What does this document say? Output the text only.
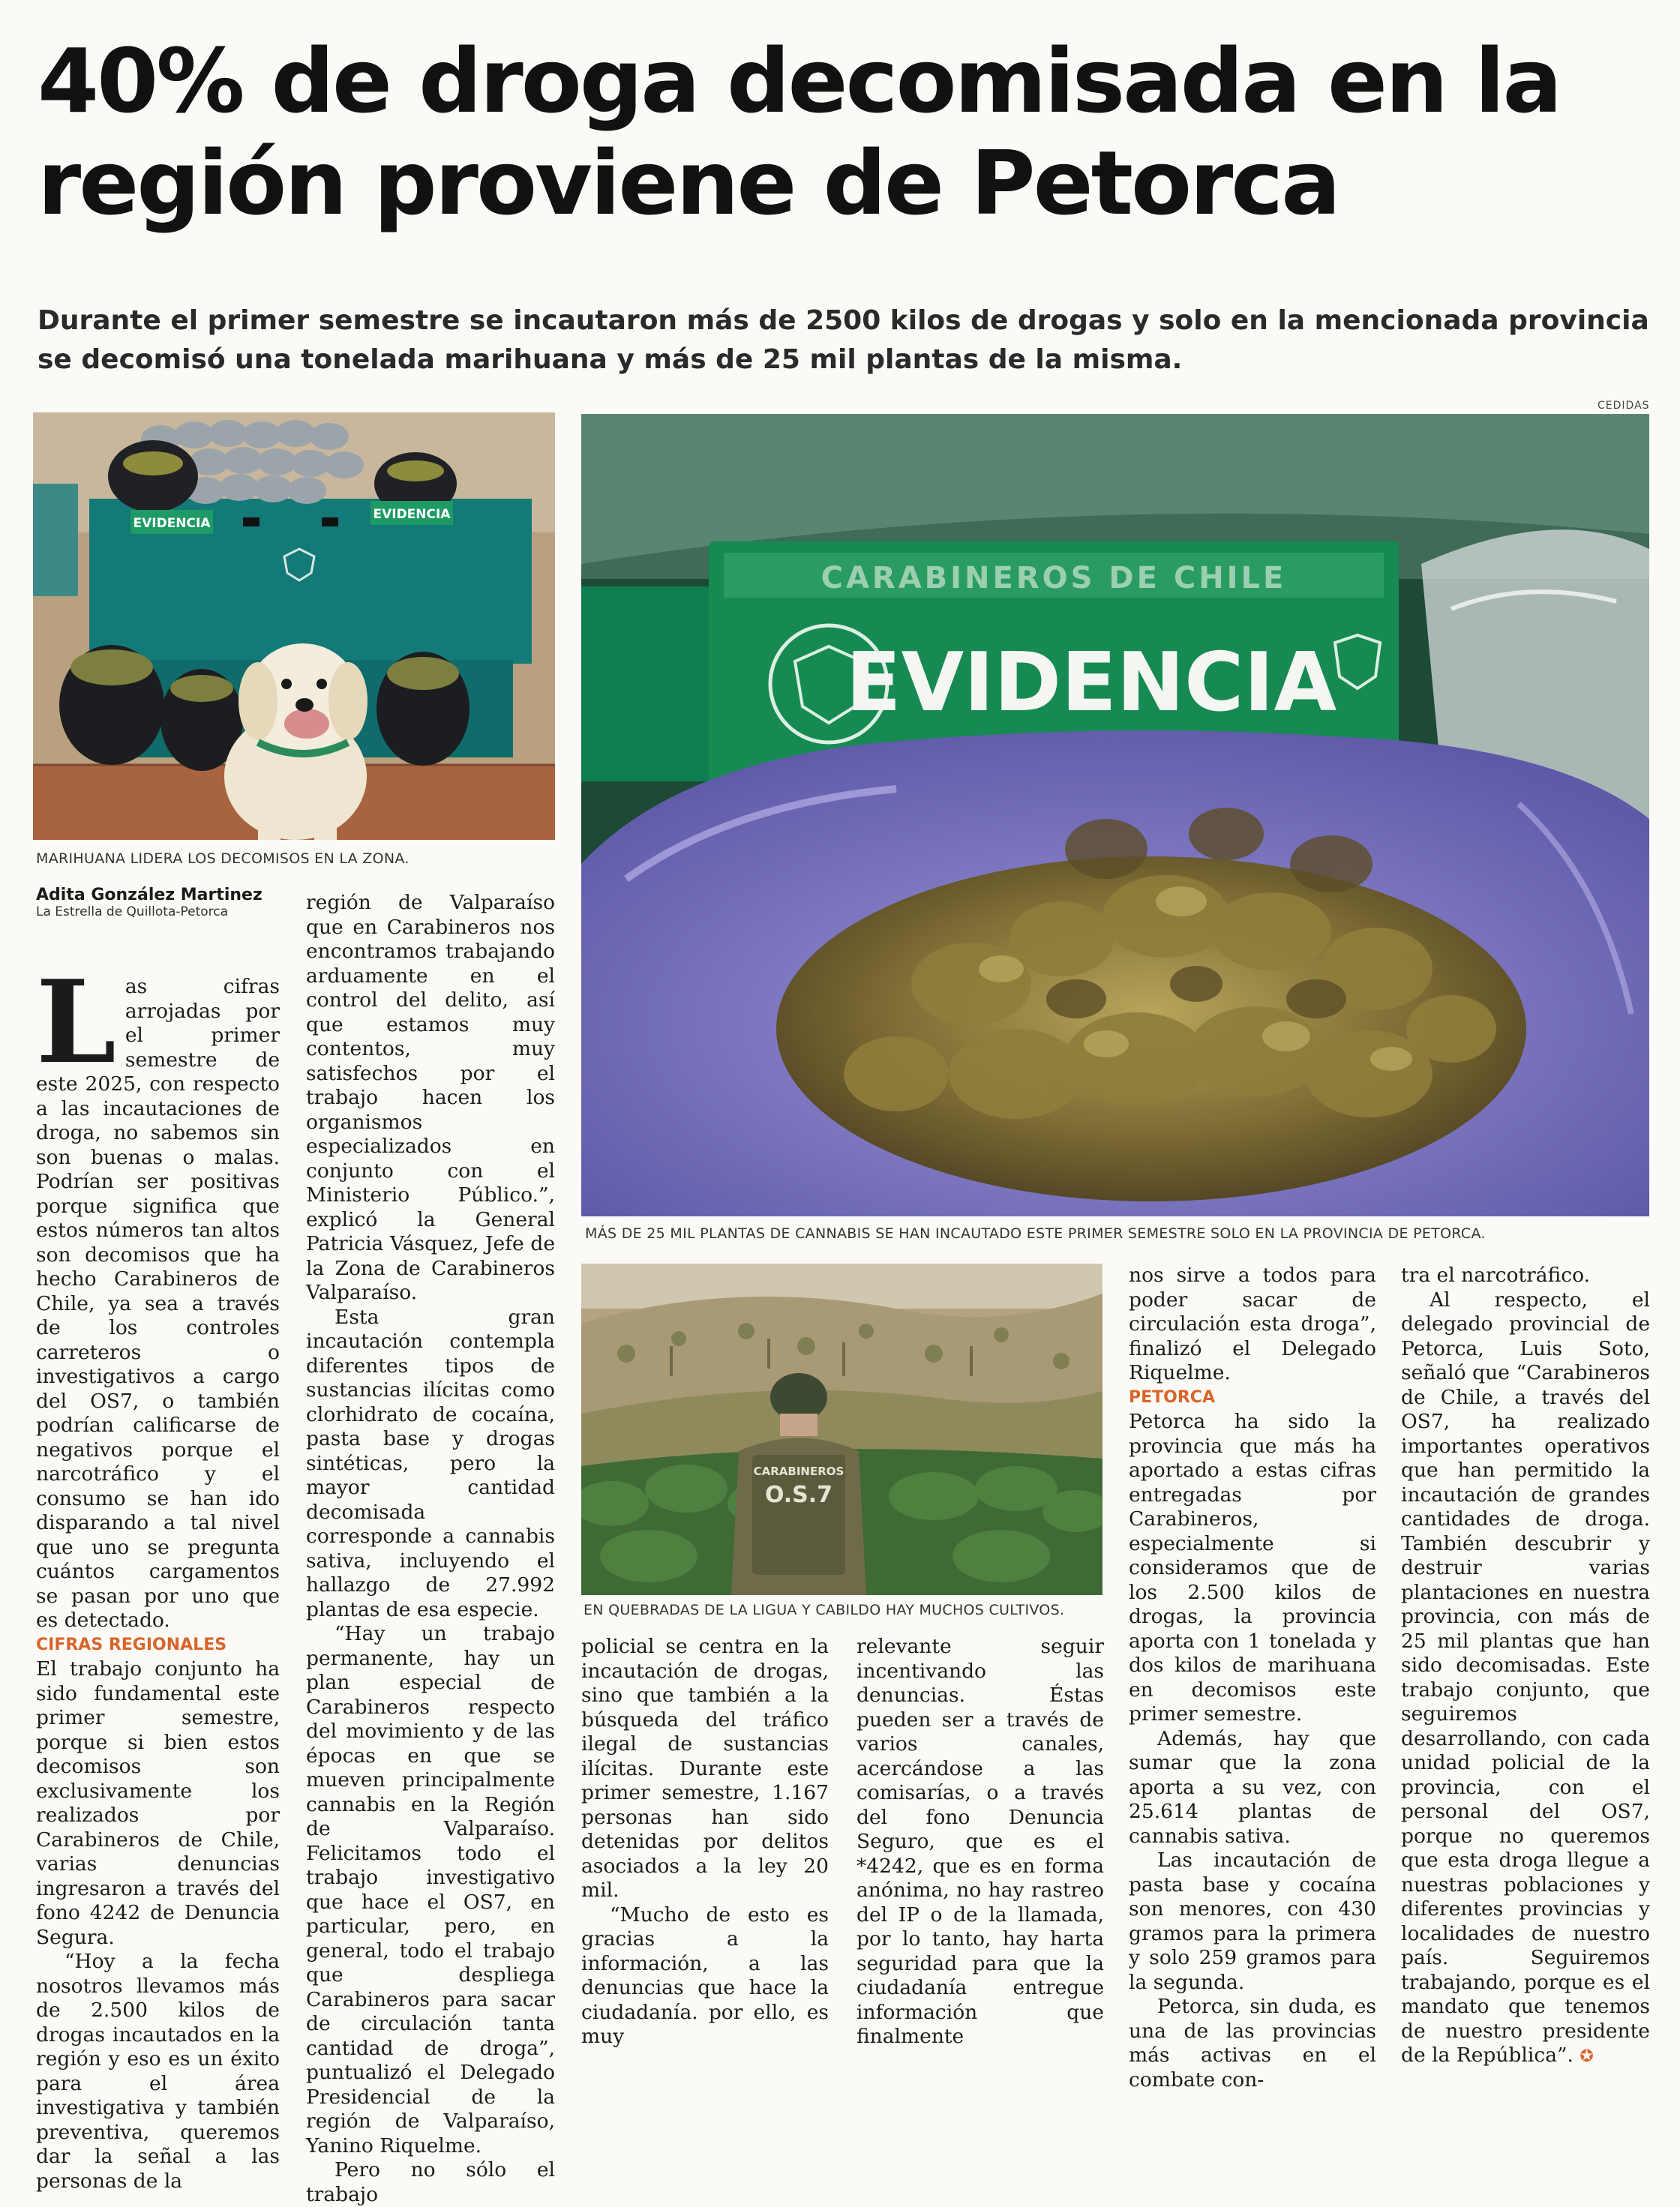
40% de droga decomisada en la región proviene de Petorca

Durante el primer semestre se incautaron más de 2500 kilos de drogas y solo en la mencionada provincia se decomisó una tonelada marihuana y más de 25 mil plantas de la misma.

EVIDENCIA
EVIDENCIA
MARIHUANA LIDERA LOS DECOMISOS EN LA ZONA.
CEDIDAS
CARABINEROS DE CHILE
EVIDENCIA
MÁS DE 25 MIL PLANTAS DE CANNABIS SE HAN INCAUTADO ESTE PRIMER SEMESTRE SOLO EN LA PROVINCIA DE PETORCA.
CARABINEROS
O.S.7
EN QUEBRADAS DE LA LIGUA Y CABILDO HAY MUCHOS CULTIVOS.
Adita González Martinez
La Estrella de Quillota-Petorca
L as cifras arrojadas por el primer semestre de este 2025, con respecto a las incautaciones de droga, no sabemos sin son buenas o malas. Podrían ser positivas porque significa que estos números tan altos son decomisos que ha hecho Carabineros de Chile, ya sea a través de los controles carreteros o investigativos a cargo del OS7, o también podrían calificarse de negativos porque el narcotráfico y el consumo se han ido disparando a tal nivel que uno se pregunta cuántos cargamentos se pasan por uno que es detectado.

CIFRAS REGIONALES

El trabajo conjunto ha sido fundamental este primer semestre, porque si bien estos decomisos son exclusivamente los realizados por Carabineros de Chile, varias denuncias ingresaron a través del fono 4242 de Denuncia Segura.

“Hoy a la fecha nosotros llevamos más de 2.500 kilos de drogas incautados en la región y eso es un éxito para el área investigativa y también preventiva, queremos dar la señal a las personas de la

región de Valparaíso que en Carabineros nos encontramos trabajando arduamente en el control del delito, así que estamos muy contentos, muy satisfechos por el trabajo hacen los organismos especializados en conjunto con el Ministerio Público.”, explicó la General Patricia Vásquez, Jefe de la Zona de Carabineros Valparaíso.

Esta gran incautación contempla diferentes tipos de sustancias ilícitas como clorhidrato de cocaína, pasta base y drogas sintéticas, pero la mayor cantidad decomisada corresponde a cannabis sativa, incluyendo el hallazgo de 27.992 plantas de esa especie.

“Hay un trabajo permanente, hay un plan especial de Carabineros respecto del movimiento y de las épocas en que se mueven principalmente cannabis en la Región de Valparaíso. Felicitamos todo el trabajo investigativo que hace el OS7, en particular, pero, en general, todo el trabajo que despliega Carabineros para sacar de circulación tanta cantidad de droga”, puntualizó el Delegado Presidencial de la región de Valparaíso, Yanino Riquelme.

Pero no sólo el trabajo

policial se centra en la incautación de drogas, sino que también a la búsqueda del tráfico ilegal de sustancias ilícitas. Durante este primer semestre, 1.167 personas han sido detenidas por delitos asociados a la ley 20 mil.

“Mucho de esto es gracias a la información, a las denuncias que hace la ciudadanía. por ello, es muy

relevante seguir incentivando las denuncias. Éstas pueden ser a través de varios canales, acercándose a las comisarías, o a través del fono Denuncia Seguro, que es el *4242, que es en forma anónima, no hay rastreo del IP o de la llamada, por lo tanto, hay harta seguridad para que la ciudadanía entregue información que finalmente

nos sirve a todos para poder sacar de circulación esta droga”, finalizó el Delegado Riquelme.

PETORCA

Petorca ha sido la provincia que más ha aportado a estas cifras entregadas por Carabineros, especialmente si consideramos que de los 2.500 kilos de drogas, la provincia aporta con 1 tonelada y dos kilos de marihuana en decomisos este primer semestre.

Además, hay que sumar que la zona aporta a su vez, con 25.614 plantas de cannabis sativa.

Las incautación de pasta base y cocaína son menores, con 430 gramos para la primera y solo 259 gramos para la segunda.

Petorca, sin duda, es una de las provincias más activas en el combate con-

tra el narcotráfico.

Al respecto, el delegado provincial de Petorca, Luis Soto, señaló que “Carabineros de Chile, a través del OS7, ha realizado importantes operativos que han permitido la incautación de grandes cantidades de droga. También descubrir y destruir varias plantaciones en nuestra provincia, con más de 25 mil plantas que han sido decomisadas. Este trabajo conjunto, que seguiremos desarrollando, con cada unidad policial de la provincia, con el personal del OS7, porque no queremos que esta droga llegue a nuestras poblaciones y diferentes provincias y localidades de nuestro país. Seguiremos trabajando, porque es el mandato que tenemos de nuestro presidente de la República”. ✪
